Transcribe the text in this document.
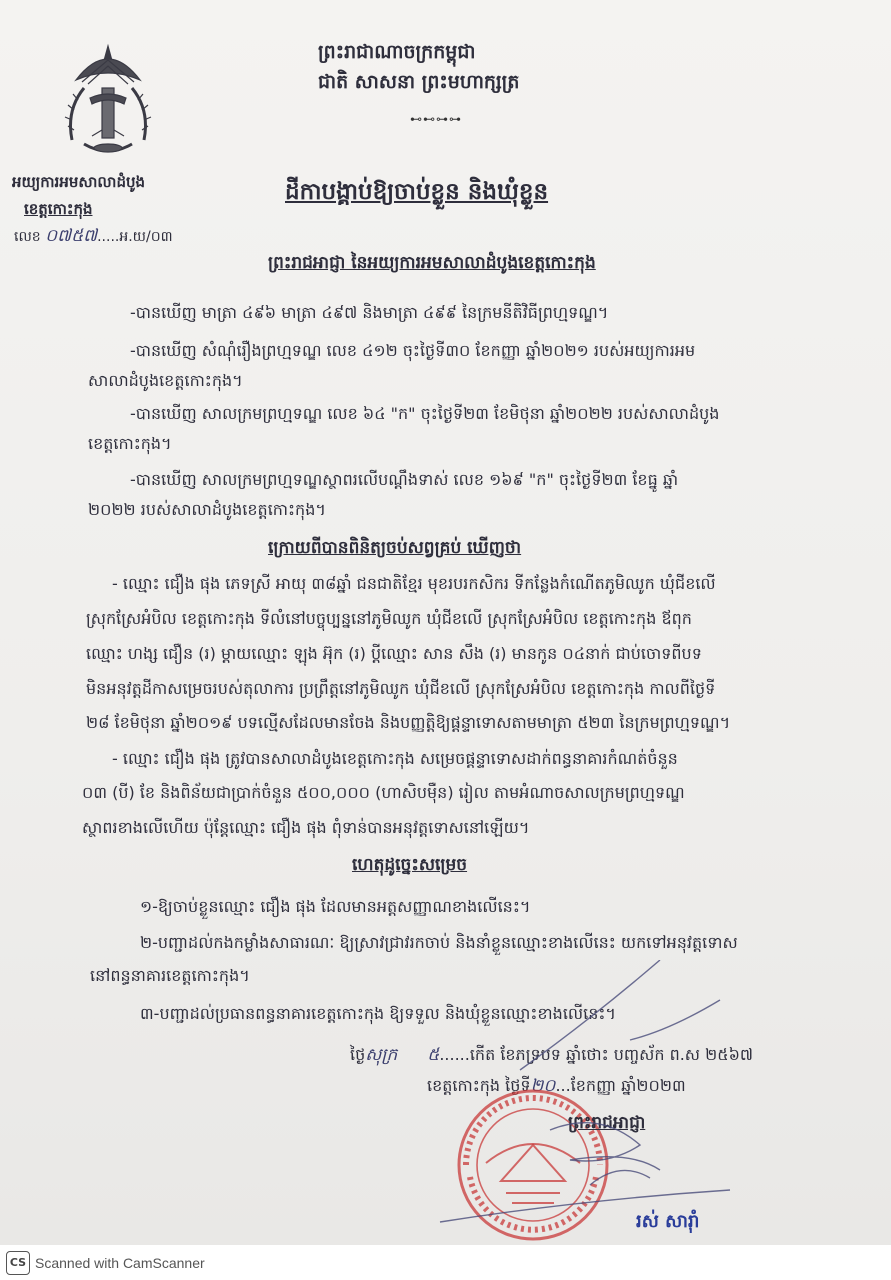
ព្រះរាជាណាចក្រកម្ពុជា
ជាតិ សាសនា ព្រះមហាក្សត្រ
⊷⊷⊶⊶
អយ្យការអមសាលាដំបូង
ខេត្តកោះកុង
លេខ ០៧៥៧.....អ.យ/០៣
ដីកាបង្គាប់ឱ្យចាប់ខ្លួន និងឃុំខ្លួន
ព្រះរាជអាជ្ញា នៃអយ្យការអមសាលាដំបូងខេត្តកោះកុង
-បានឃើញ មាត្រា ៤៩៦ មាត្រា ៤៩៧ និងមាត្រា ៤៩៩ នៃក្រមនីតិវិធីព្រហ្មទណ្ឌ។
-បានឃើញ សំណុំរឿងព្រហ្មទណ្ឌ លេខ ៤១២ ចុះថ្ងៃទី៣០ ខែកញ្ញា ឆ្នាំ២០២១ របស់អយ្យការអម
សាលាដំបូងខេត្តកោះកុង។
-បានឃើញ សាលក្រមព្រហ្មទណ្ឌ លេខ ៦៤ "ក" ចុះថ្ងៃទី២៣ ខែមិថុនា ឆ្នាំ២០២២ របស់សាលាដំបូង
ខេត្តកោះកុង។
-បានឃើញ សាលក្រមព្រហ្មទណ្ឌស្ថាពរលើបណ្តឹងទាស់ លេខ ១៦៩ "ក" ចុះថ្ងៃទី២៣ ខែធ្នូ ឆ្នាំ
២០២២ របស់សាលាដំបូងខេត្តកោះកុង។
ក្រោយពីបានពិនិត្យចប់សព្វគ្រប់ ឃើញថា
- ឈ្មោះ ជឿង ផុង ភេទស្រី អាយុ ៣៨ឆ្នាំ ជនជាតិខ្មែរ មុខរបរកសិករ ទីកន្លែងកំណើតភូមិឈូក ឃុំជីខលើ
ស្រុកស្រែអំបិល ខេត្តកោះកុង ទីលំនៅបច្ចុប្បន្ននៅភូមិឈូក ឃុំជីខលើ ស្រុកស្រែអំបិល ខេត្តកោះកុង ឪពុក
ឈ្មោះ ហង្ស ជឿន (រ) ម្តាយឈ្មោះ ឡុង អ៊ុក (រ) ប្តីឈ្មោះ សាន សឹង (រ) មានកូន ០៤នាក់ ជាប់ចោទពីបទ
មិនអនុវត្តដីកាសម្រេចរបស់តុលាការ ប្រព្រឹត្តនៅភូមិឈូក ឃុំជីខលើ ស្រុកស្រែអំបិល ខេត្តកោះកុង កាលពីថ្ងៃទី
២៨ ខែមិថុនា ឆ្នាំ២០១៩ បទល្មើសដែលមានចែង និងបញ្ញត្តិឱ្យផ្តន្ទាទោសតាមមាត្រា ៥២៣ នៃក្រមព្រហ្មទណ្ឌ។
- ឈ្មោះ ជឿង ផុង ត្រូវបានសាលាដំបូងខេត្តកោះកុង សម្រេចផ្តន្ទាទោសដាក់ពន្ធនាគារកំណត់ចំនួន
០៣ (បី) ខែ និងពិន័យជាប្រាក់ចំនួន ៥០០,០០០ (ហាសិបម៉ឺន) រៀល តាមអំណាចសាលក្រមព្រហ្មទណ្ឌ
ស្ថាពរខាងលើហើយ ប៉ុន្តែឈ្មោះ ជឿង ផុង ពុំទាន់បានអនុវត្តទោសនៅឡើយ។
ហេតុដូច្នេះសម្រេច
១-ឱ្យចាប់ខ្លួនឈ្មោះ ជឿង ផុង ដែលមានអត្តសញ្ញាណខាងលើនេះ។
២-បញ្ជាដល់កងកម្លាំងសាធារណៈ ឱ្យស្រាវជ្រាវរកចាប់ និងនាំខ្លួនឈ្មោះខាងលើនេះ យកទៅអនុវត្តទោស
នៅពន្ធនាគារខេត្តកោះកុង។
៣-បញ្ជាដល់ប្រធានពន្ធនាគារខេត្តកោះកុង ឱ្យទទួល និងឃុំខ្លួនឈ្មោះខាងលើនេះ។
ថ្ងៃសុក្រ ៥......កើត ខែភទ្របទ ឆ្នាំថោះ បញ្ចស័ក ព.ស ២៥៦៧
ខេត្តកោះកុង ថ្ងៃទី២០...ខែកញ្ញា ឆ្នាំ២០២៣
ព្រះរាជអាជ្ញា
រស់ សារ៉ាំ
CS Scanned with CamScanner
